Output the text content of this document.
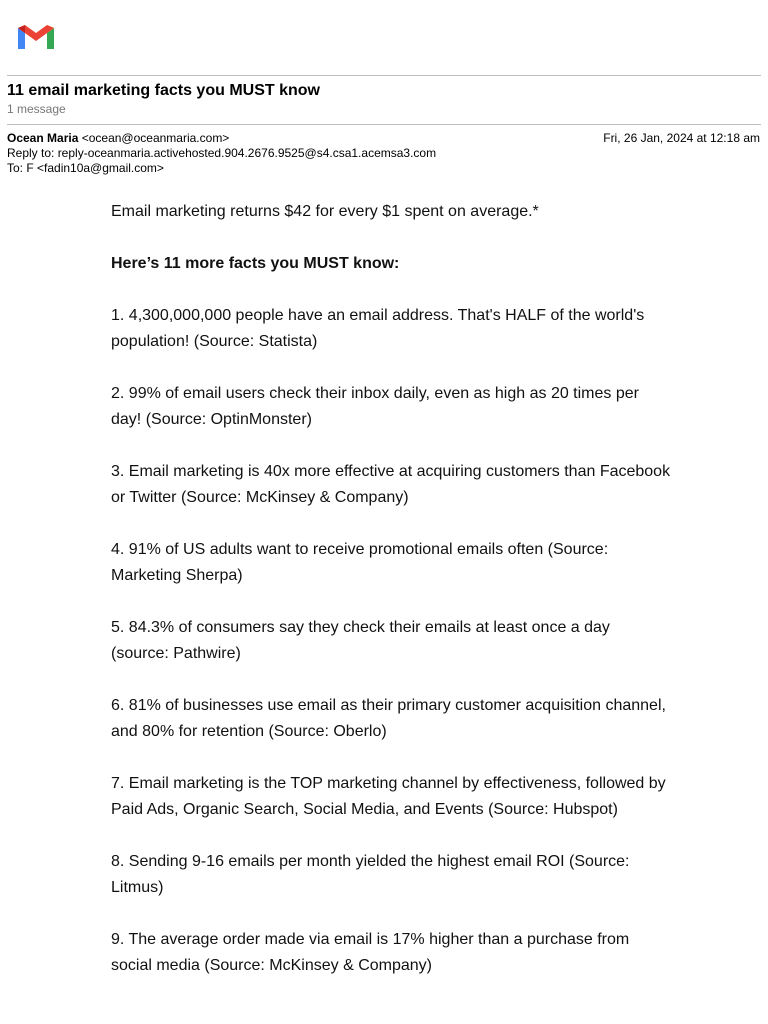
11 email marketing facts you MUST know
1 message
Ocean Maria <ocean@oceanmaria.com>	Fri, 26 Jan, 2024 at 12:18 am
Reply to: reply-oceanmaria.activehosted.904.2676.9525@s4.csa1.acemsa3.com
To: F <fadin10a@gmail.com>

Email marketing returns $42 for every $1 spent on average.*

Here’s 11 more facts you MUST know:

1. 4,300,000,000 people have an email address. That's HALF of the world's population! (Source: Statista)

2. 99% of email users check their inbox daily, even as high as 20 times per day! (Source: OptinMonster)

3. Email marketing is 40x more effective at acquiring customers than Facebook or Twitter (Source: McKinsey & Company)

4. 91% of US adults want to receive promotional emails often (Source: Marketing Sherpa)

5. 84.3% of consumers say they check their emails at least once a day (source: Pathwire)

6. 81% of businesses use email as their primary customer acquisition channel, and 80% for retention (Source: Oberlo)

7. Email marketing is the TOP marketing channel by effectiveness, followed by Paid Ads, Organic Search, Social Media, and Events (Source: Hubspot)

8. Sending 9-16 emails per month yielded the highest email ROI (Source: Litmus)

9. The average order made via email is 17% higher than a purchase from social media (Source: McKinsey & Company)
